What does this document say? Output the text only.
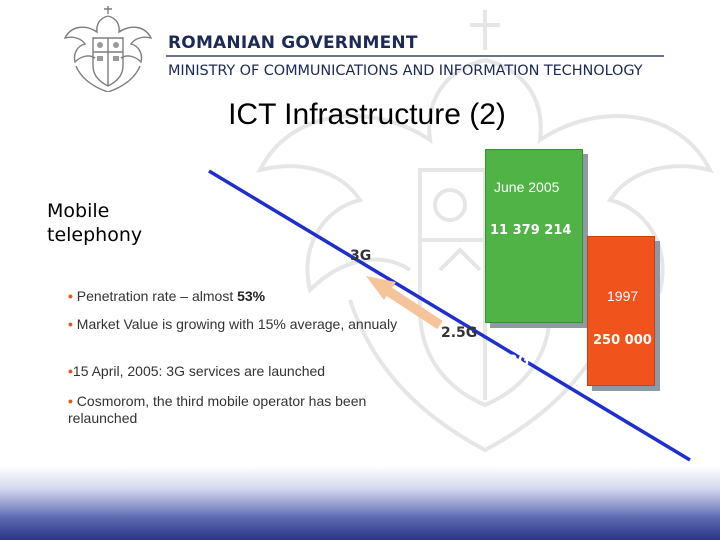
ROMANIAN GOVERNMENT
MINISTRY OF COMMUNICATIONS AND INFORMATION TECHNOLOGY
ICT Infrastructure (2)
Mobile telephony
June 2005
11 379 214
1997
250 000
3G
2.5G
2G
• Penetration rate – almost 53%
• Market Value is growing with 15% average, annualy
•15 April, 2005: 3G services are launched
• Cosmorom, the third mobile operator has been relaunched
